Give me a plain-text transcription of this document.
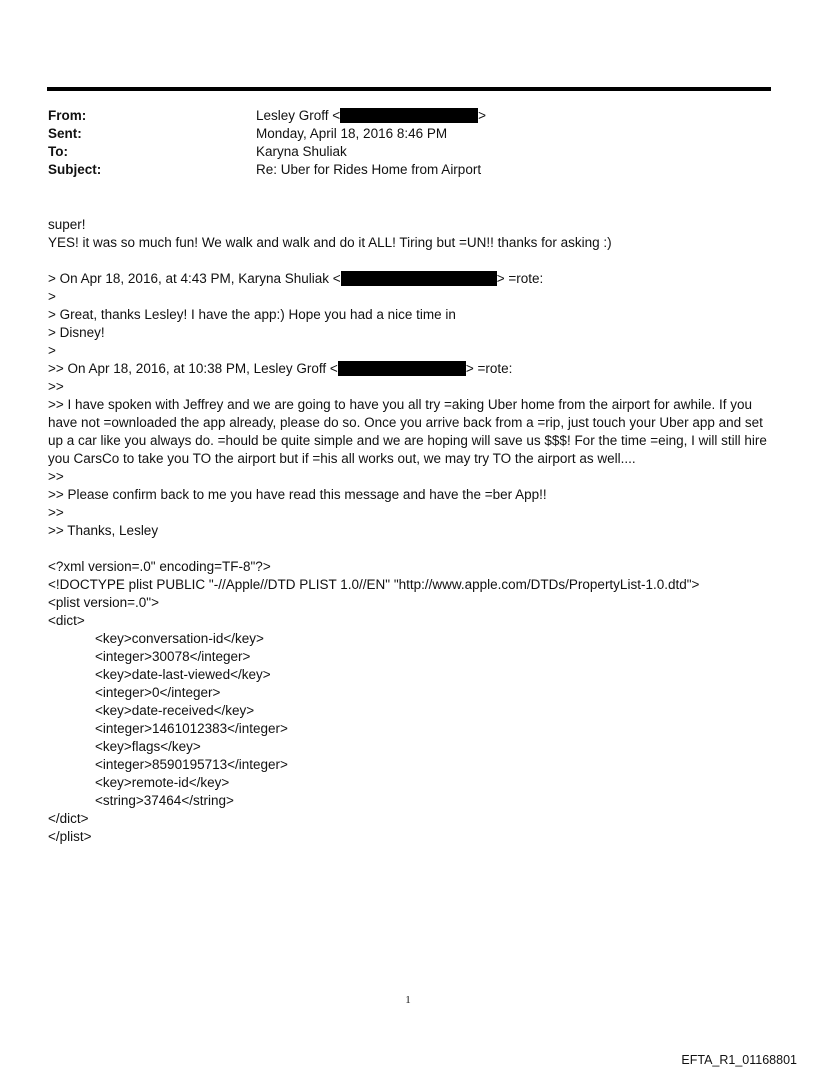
From:	Lesley Groff <	>
Sent:	Monday, April 18, 2016 8:46 PM
To:	Karyna Shuliak
Subject:	Re: Uber for Rides Home from Airport
super!
YES! it was so much fun! We walk and walk and do it ALL! Tiring but =UN!! thanks for asking :)
> On Apr 18, 2016, at 4:43 PM, Karyna Shuliak <	> =rote:
>
> Great, thanks Lesley! I have the app:) Hope you had a nice time in
> Disney!
>
>> On Apr 18, 2016, at 10:38 PM, Lesley Groff <	> =rote:
>>
>> I have spoken with Jeffrey and we are going to have you all try =aking Uber home from the airport for awhile. If you have not =ownloaded the app already, please do so. Once you arrive back from a =rip, just touch your Uber app and set up a car like you always do. =hould be quite simple and we are hoping will save us $$$! For the time =eing, I will still hire you CarsCo to take you TO the airport but if =his all works out, we may try TO the airport as well....
>>
>> Please confirm back to me you have read this message and have the =ber App!!
>>
>> Thanks, Lesley
<?xml version=.0" encoding=TF-8"?>
<!DOCTYPE plist PUBLIC "-//Apple//DTD PLIST 1.0//EN" "http://www.apple.com/DTDs/PropertyList-1.0.dtd">
<plist version=.0">
<dict>
<key>conversation-id</key>
<integer>30078</integer>
<key>date-last-viewed</key>
<integer>0</integer>
<key>date-received</key>
<integer>1461012383</integer>
<key>flags</key>
<integer>8590195713</integer>
<key>remote-id</key>
<string>37464</string>
</dict>
</plist>
1
EFTA_R1_01168801
